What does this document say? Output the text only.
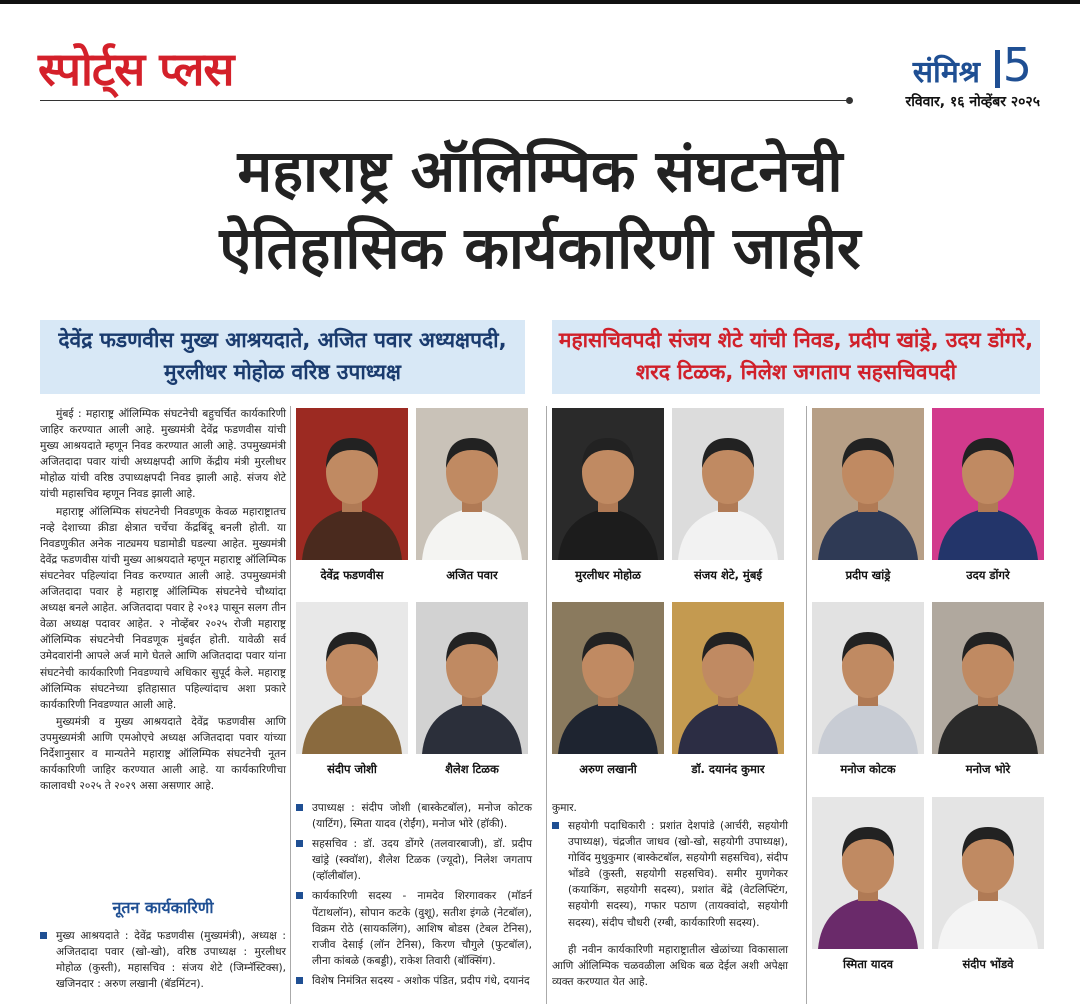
स्पोर्ट्स प्लस	संमिश्र 5
रविवार, १६ नोव्हेंबर २०२५
महाराष्ट्र ऑलिम्पिक संघटनेची
ऐतिहासिक कार्यकारिणी जाहीर
देवेंद्र फडणवीस मुख्य आश्रयदाते, अजित पवार अध्यक्षपदी, मुरलीधर मोहोळ वरिष्ठ उपाध्यक्ष
महासचिवपदी संजय शेटे यांची निवड, प्रदीप खांड्रे, उदय डोंगरे, शरद टिळक, निलेश जगताप सहसचिवपदी

मुंबई : महाराष्ट्र ऑलिम्पिक संघटनेची बहुचर्चित कार्यकारिणी जाहिर करण्यात आली आहे. मुख्यमंत्री देवेंद्र फडणवीस यांची मुख्य आश्रयदाते म्हणून निवड करण्यात आली आहे. उपमुख्यमंत्री अजितदादा पवार यांची अध्यक्षपदी आणि केंद्रीय मंत्री मुरलीधर मोहोळ यांची वरिष्ठ उपाध्यक्षपदी निवड झाली आहे. संजय शेटे यांची महासचिव म्हणून निवड झाली आहे.

महाराष्ट्र ऑलिम्पिक संघटनेची निवडणूक केवळ महाराष्ट्रातच नव्हे देशाच्या क्रीडा क्षेत्रात चर्चेचा केंद्रबिंदू बनली होती. या निवडणुकीत अनेक नाट्यमय घडामोडी घडल्या आहेत. मुख्यमंत्री देवेंद्र फडणवीस यांची मुख्य आश्रयदाते म्हणून महाराष्ट्र ऑलिम्पिक संघटनेवर पहिल्यांदा निवड करण्यात आली आहे. उपमुख्यमंत्री अजितदादा पवार हे महाराष्ट्र ऑलिम्पिक संघटनेचे चौथ्यांदा अध्यक्ष बनले आहेत. अजितदादा पवार हे २०१३ पासून सलग तीन वेळा अध्यक्ष पदावर आहेत. २ नोव्हेंबर २०२५ रोजी महाराष्ट्र ऑलिम्पिक संघटनेची निवडणूक मुंबईत होती. यावेळी सर्व उमेदवारांनी आपले अर्ज मागे घेतले आणि अजितदादा पवार यांना संघटनेची कार्यकारिणी निवडण्याचे अधिकार सुपूर्द केले. महाराष्ट्र ऑलिम्पिक संघटनेच्या इतिहासात पहिल्यांदाच अशा प्रकारे कार्यकारिणी निवडण्यात आली आहे.

मुख्यमंत्री व मुख्य आश्रयदाते देवेंद्र फडणवीस आणि उपमुख्यमंत्री आणि एमओएचे अध्यक्ष अजितदादा पवार यांच्या निर्देशानुसार व मान्यतेने महाराष्ट्र ऑलिम्पिक संघटनेची नूतन कार्यकारिणी जाहिर करण्यात आली आहे. या कार्यकारिणीचा कालावधी २०२५ ते २०२९ असा असणार आहे.

नूतन कार्यकारिणी
मुख्य आश्रयदाते : देवेंद्र फडणवीस (मुख्यमंत्री), अध्यक्ष : अजितदादा पवार (खो-खो), वरिष्ठ उपाध्यक्ष : मुरलीधर मोहोळ (कुस्ती), महासचिव : संजय शेटे (जिम्नॅस्टिक्स), खजिनदार : अरुण लखानी (बॅडमिंटन).
उपाध्यक्ष : संदीप जोशी (बास्केटबॉल), मनोज कोटक (याटिंग), स्मिता यादव (रोईंग), मनोज भोरे (हॉकी).
सहसचिव : डॉ. उदय डोंगरे (तलवारबाजी), डॉ. प्रदीप खांड्रे (स्क्वॉश), शैलेश टिळक (ज्यूदो), निलेश जगताप (व्हॉलीबॉल).
कार्यकारिणी सदस्य - नामदेव शिरगावकर (मॉडर्न पेंटाथलॉन), सोपान कटके (वुशू), सतीश इंगळे (नेटबॉल), विक्रम रोठे (सायकलिंग), आशिष बोडस (टेबल टेनिस), राजीव देसाई (लॉन टेनिस), किरण चौगुले (फुटबॉल), लीना कांबळे (कबड्डी), राकेश तिवारी (बॉक्सिंग).
विशेष निमंत्रित सदस्य - अशोक पंडित, प्रदीप गंधे, दयानंद
कुमार.
सहयोगी पदाधिकारी : प्रशांत देशपांडे (आर्चरी, सहयोगी उपाध्यक्ष), चंद्रजीत जाधव (खो-खो, सहयोगी उपाध्यक्ष), गोविंद मुथुकुमार (बास्केटबॉल, सहयोगी सहसचिव), संदीप भोंडवे (कुस्ती, सहयोगी सहसचिव). समीर मुणगेकर (कयाकिंग, सहयोगी सदस्य), प्रशांत बेंद्रे (वेटलिफ्टिंग, सहयोगी सदस्य), गफार पठाण (तायक्वांदो, सहयोगी सदस्य), संदीप चौधरी (रग्बी, कार्यकारिणी सदस्य).

ही नवीन कार्यकारिणी महाराष्ट्रातील खेळांच्या विकासाला आणि ऑलिम्पिक चळवळीला अधिक बळ देईल अशी अपेक्षा व्यक्त करण्यात येत आहे.

देवेंद्र फडणवीस	अजित पवार	मुरलीधर मोहोळ	संजय शेटे, मुंबई	प्रदीप खांड्रे	उदय डोंगरे
संदीप जोशी	शैलेश टिळक	अरुण लखानी	डॉ. दयानंद कुमार	मनोज कोटक	मनोज भोरे
स्मिता यादव	संदीप भोंडवे
